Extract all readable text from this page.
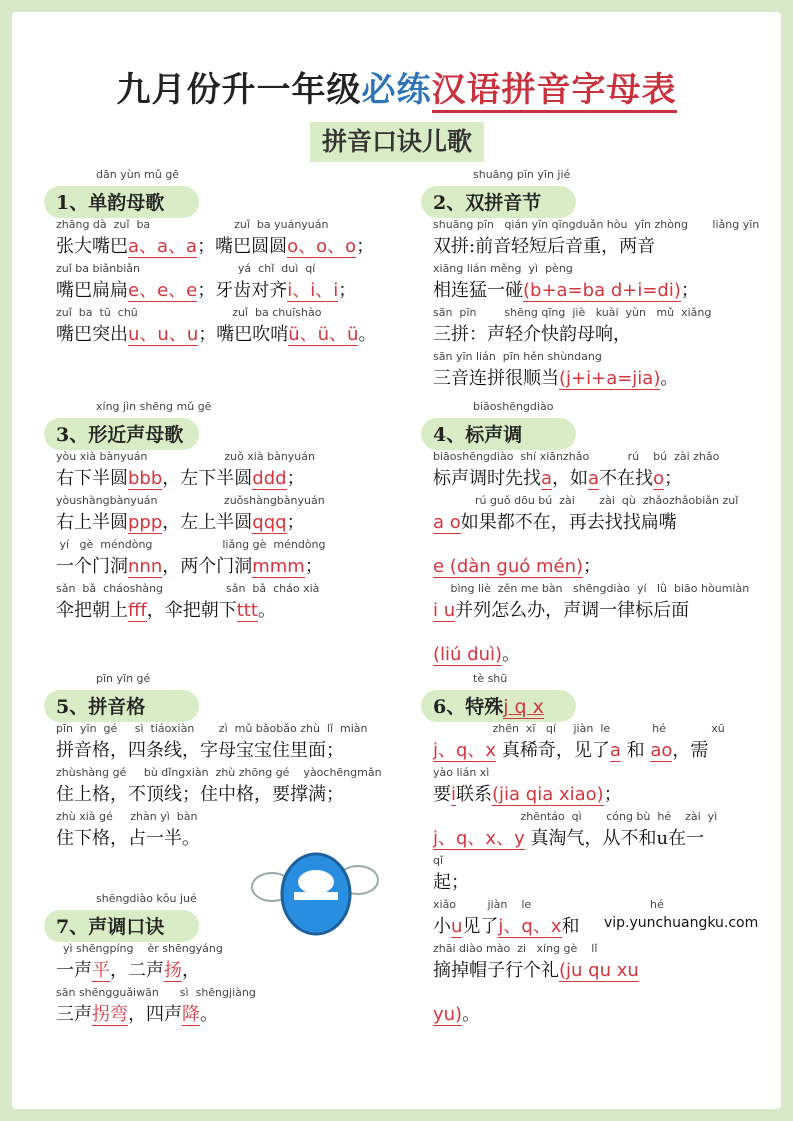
九月份升一年级必练汉语拼音字母表
拼音口诀儿歌
dān yùn mǔ gē
1、单韵母歌
zhāng dà  zuǐ  ba                        zuǐ  ba yuányuán
张大嘴巴a、a、a；嘴巴圆圆o、o、o；
zuǐ ba biǎnbiǎn                            yá  chǐ  duì  qí
嘴巴扁扁e、e、e；牙齿对齐i、i、i；
zuǐ  ba  tū  chū                           zuǐ  ba chuīshào
嘴巴突出u、u、u；嘴巴吹哨ü、ü、ü。
shuāng pīn yīn jié
2、双拼音节
shuāng pīn   qián yīn qīngduǎn hòu  yīn zhòng       liǎng yīn
双拼:前音轻短后音重，两音
xiāng lián měng  yì  pèng
相连猛一碰(b+a=ba d+i=di)；
sān  pīn        shēng qīng  jiè   kuài  yùn   mǔ  xiǎng
三拼：声轻介快韵母响，
sān yīn lián  pīn hěn shùndang
三音连拼很顺当(j+i+a=jia)。
xíng jìn shēng mǔ gē
3、形近声母歌
yòu xià bànyuán                      zuǒ xià bànyuán
右下半圆bbb，左下半圆ddd；
yòushàngbànyuán                   zuǒshàngbànyuán
右上半圆ppp，左上半圆qqq；
yí   gè  méndòng                    liǎng gè  méndòng
一个门洞nnn，两个门洞mmm；
sǎn  bǎ  cháoshàng                  sǎn  bǎ  cháo xià
伞把朝上fff，伞把朝下ttt。
biāoshēngdiào
4、标声调
biāoshēngdiào  shí xiānzhǎo           rú    bú  zài zhǎo
标声调时先找a，如a不在找o；
rú guǒ dōu bú  zài       zài  qù  zhǎozhǎobiǎn zuǐ
a o如果都不在，再去找找扁嘴
e (dàn guó mén)；
bìng liè  zěn me bàn   shēngdiào  yí   lǜ  biāo hòumiàn
i u并列怎么办，声调一律标后面
(liú duì)。
pīn yīn gé
5、拼音格
pīn  yīn  gé     sì  tiáoxiàn       zì  mǔ bǎobǎo zhù  lǐ  miàn
拼音格，四条线，字母宝宝住里面；
zhùshàng gé     bù dǐngxiàn  zhù zhōng gé    yàochēngmǎn
住上格，不顶线；住中格，要撑满；
zhù xià gé     zhàn yì  bàn
住下格，占一半。
tè shū
6、特殊j q x
zhēn  xī   qí     jiàn  le            hé             xū
j、q、x 真稀奇，见了a 和 ao，需
yào lián xì
要i联系(jia qia xiao)；
zhēntáo  qì       cóng bù  hé    zài  yì
j、q、x、y 真淘气，从不和u在一
qǐ
起；
xiǎo         jiàn    le                                  hé
小u见了j、q、x和
zhāi diào mào  zi   xíng gè    lǐ
摘掉帽子行个礼(ju qu xu
yu)。
shēngdiào kǒu jué
7、声调口诀
yì shēngpíng    èr shēngyáng
一声平，二声扬，
sān shēngguǎiwān      sì  shēngjiàng
三声拐弯，四声降。
vip.yunchuangku.com
